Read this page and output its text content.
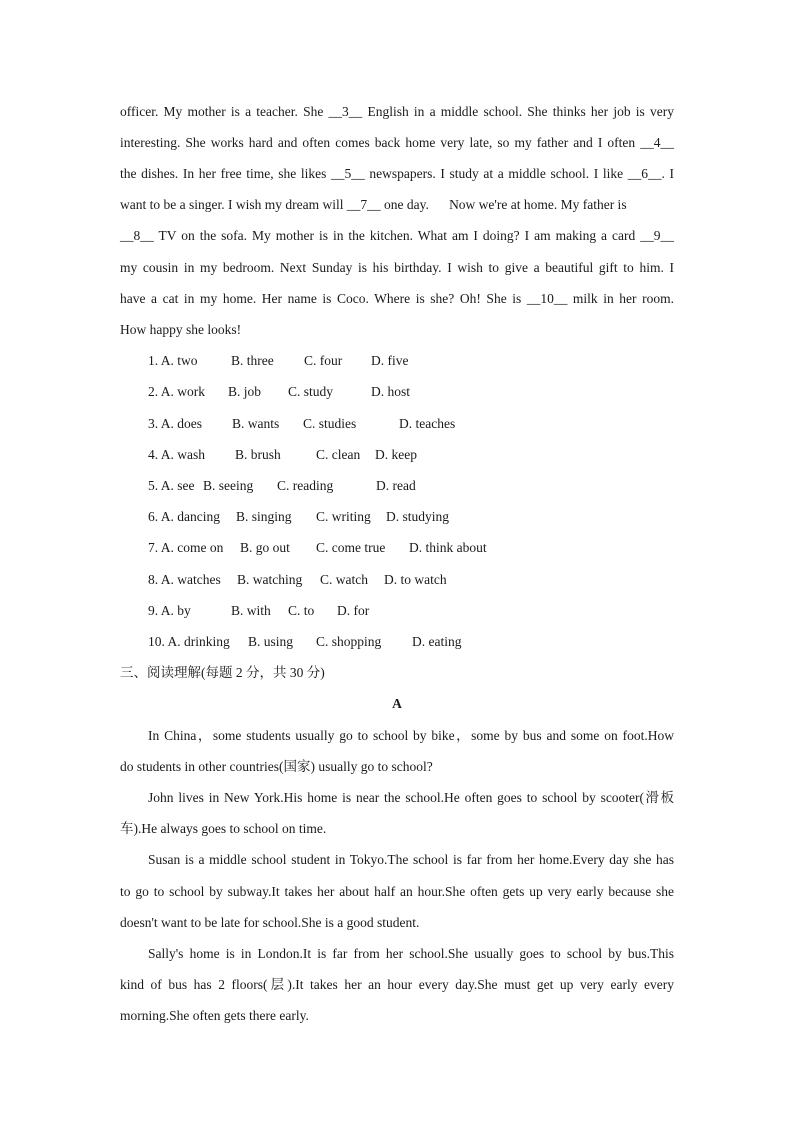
officer. My mother is a teacher. She __3__ English in a middle school. She thinks her job is very
interesting. She works hard and often comes back home very late, so my father and I often __4__
the dishes. In her free time, she likes __5__ newspapers. I study at a middle school. I like __6__. I
want to be a singer. I wish my dream will __7__ one day.      Now we're at home. My father is
__8__ TV on the sofa. My mother is in the kitchen. What am I doing? I am making a card __9__
my cousin in my bedroom. Next Sunday is his birthday. I wish to give a beautiful gift to him. I
have a cat in my home. Her name is Coco. Where is she? Oh! She is __10__ milk in her room.
How happy she looks!
1. A. two B. three C. four D. five
2. A. work B. job C. study	D. host
3. A. does B. wants C. studies	D. teaches
4. A. wash B. brush	C. clean D. keep
5. A. see B. seeing C. reading	D. read
6. A. dancing B. singing C. writing D. studying
7. A. come on B. go out C. come true D. think about
8. A. watches B. watching C. watch D. to watch
9. A. by	B. with C. to D. for
10. A. drinking B. using C. shopping D. eating
三、阅读理解(每题 2 分，共 30 分)
A
In China，some students usually go to school by bike，some by bus and some on foot.How
do students in other countries(国家) usually go to school?
John lives in New York.His home is near the school.He often goes to school by scooter(滑板
车).He always goes to school on time.
Susan is a middle school student in Tokyo.The school is far from her home.Every day she has
to go to school by subway.It takes her about half an hour.She often gets up very early because she
doesn't want to be late for school.She is a good student.
Sally's home is in London.It is far from her school.She usually goes to school by bus.This
kind of bus has 2 floors(层).It takes her an hour every day.She must get up very early every
morning.She often gets there early.
